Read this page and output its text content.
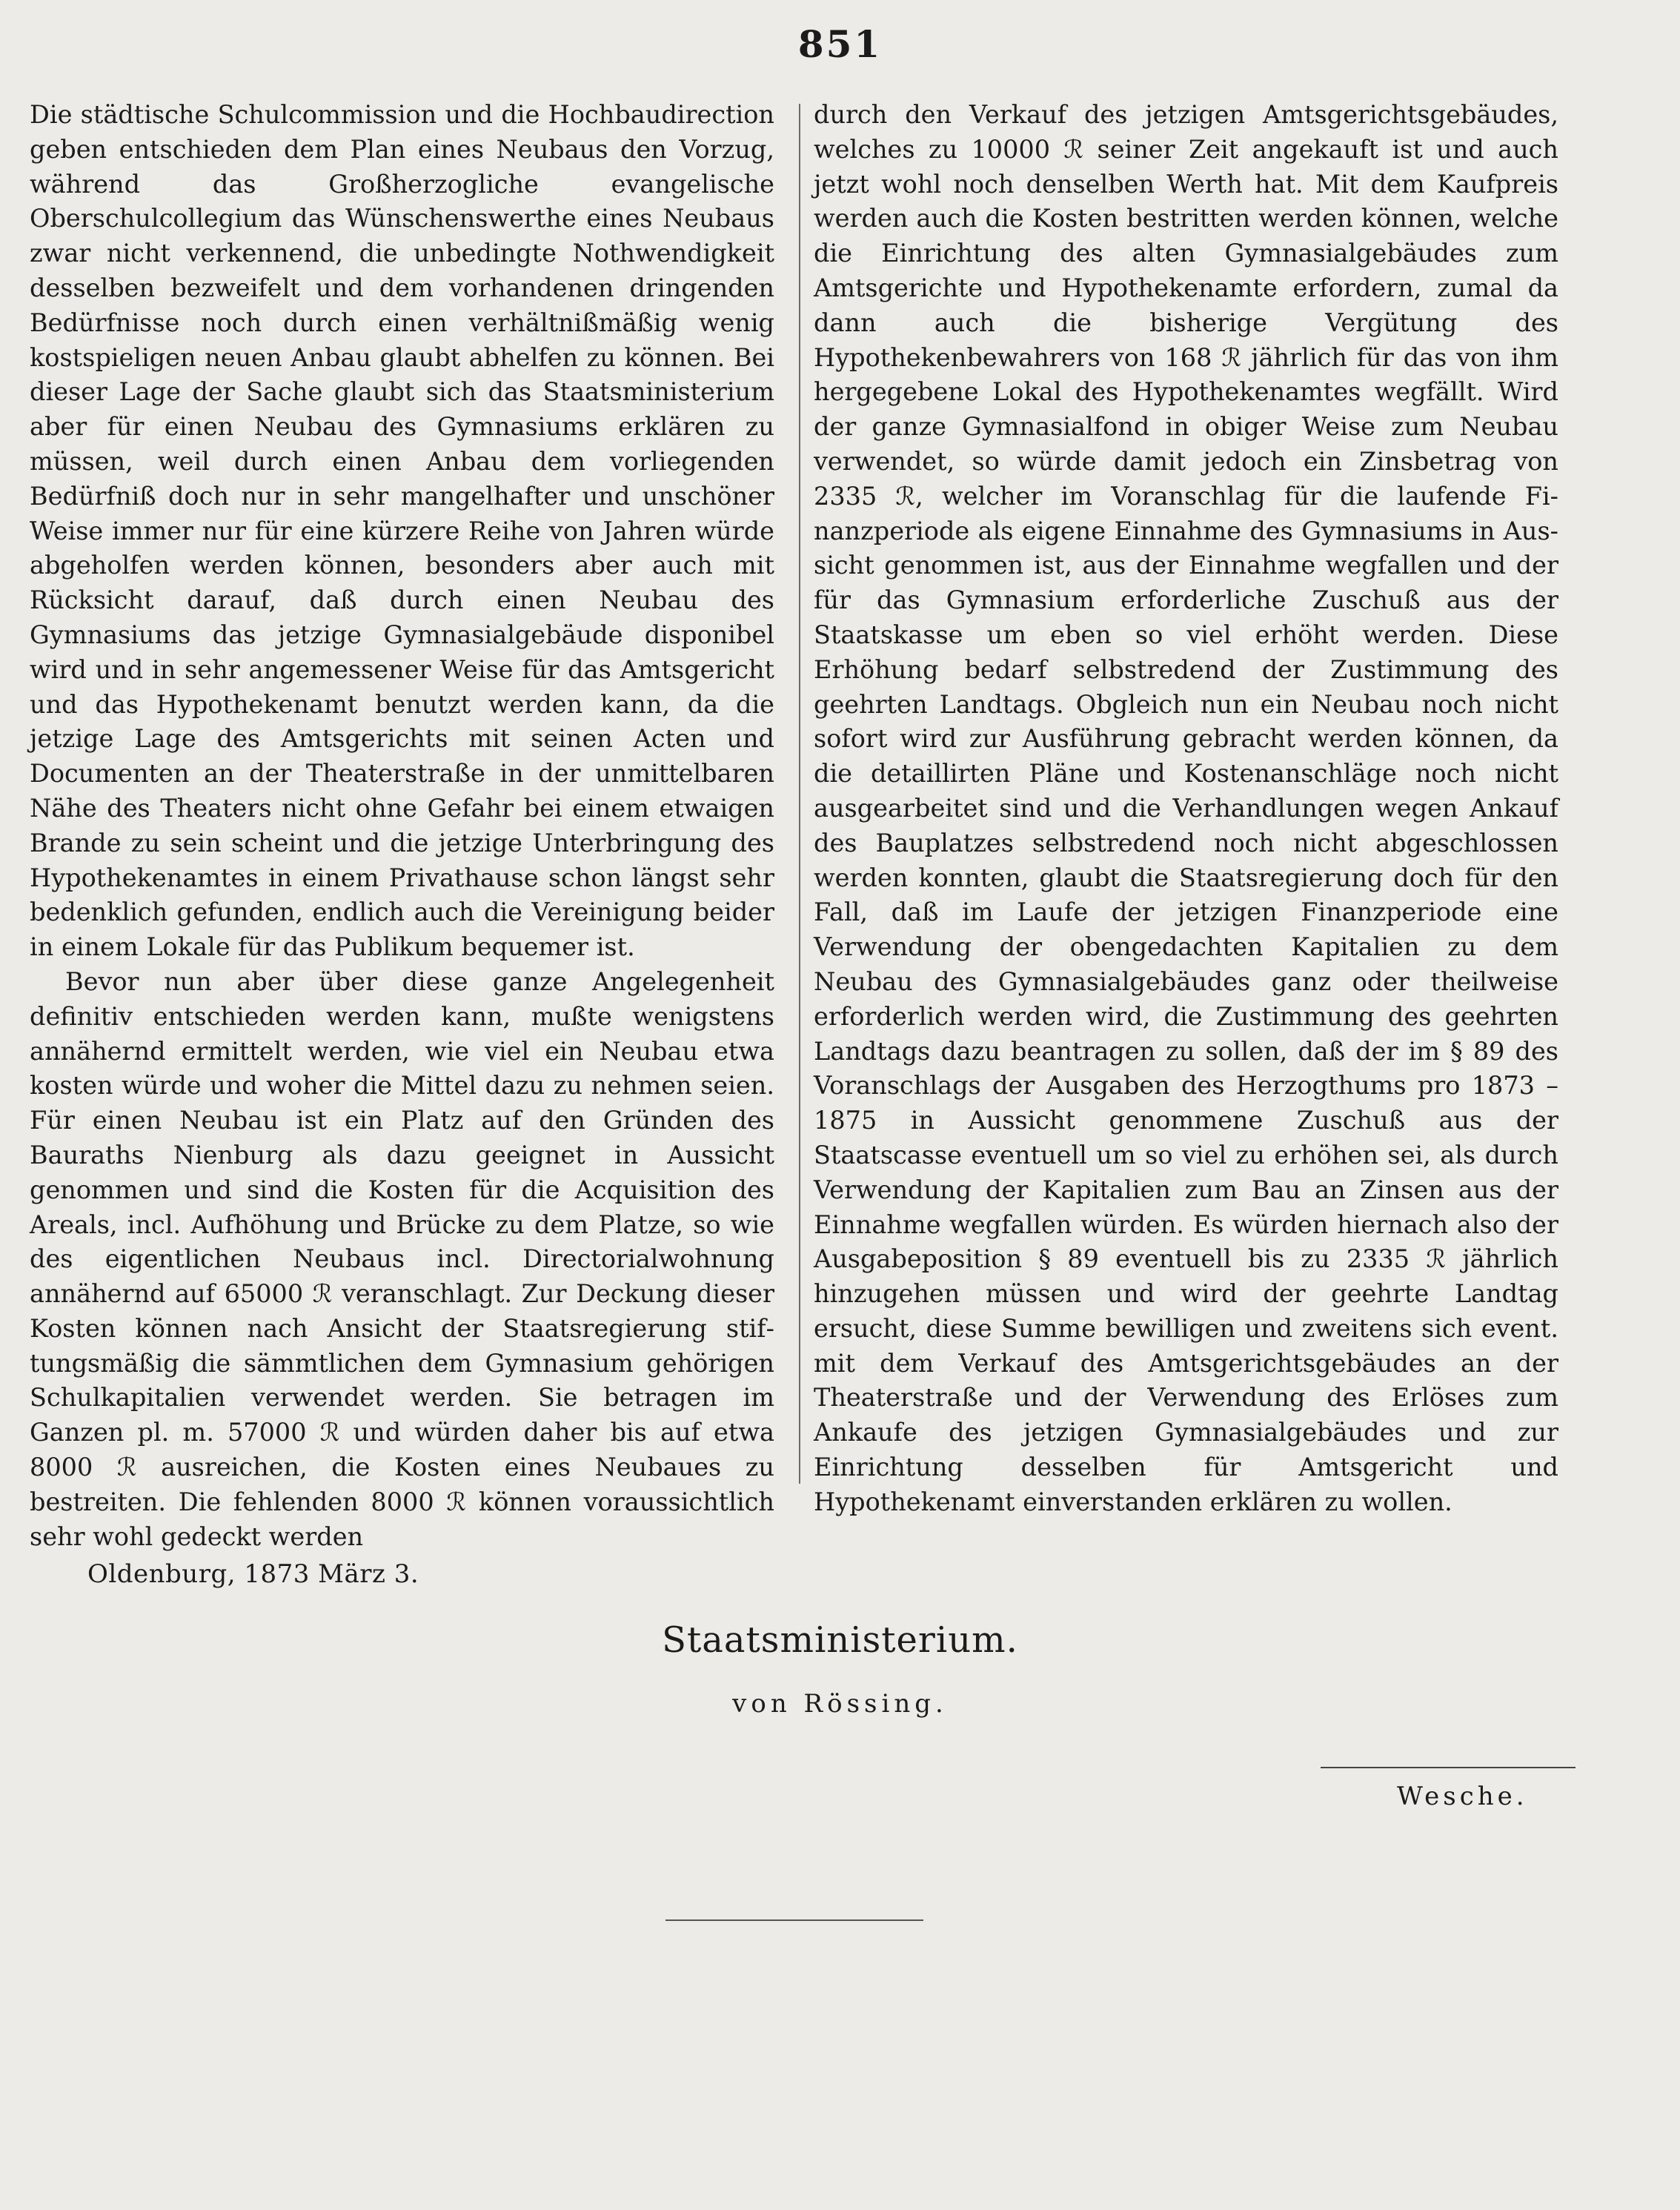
851

Die städtische Schulcommission und die Hochbaudirection geben entschieden dem Plan eines Neubaus den Vorzug, während das Großherzogliche evangelische Oberschulcollegium das Wünschenswerthe eines Neubaus zwar nicht verkennend, die unbedingte Nothwendigkeit desselben bezweifelt und dem vorhandenen dringenden Bedürfnisse noch durch einen verhältnißmäßig wenig kostspieligen neuen Anbau glaubt abhelfen zu können. Bei dieser Lage der Sache glaubt sich das Staatsministerium aber für einen Neubau des Gymnasiums erklären zu müssen, weil durch einen Anbau dem vorliegenden Bedürfniß doch nur in sehr mangelhafter und unschöner Weise immer nur für eine kürzere Reihe von Jahren würde abgeholfen werden können, besonders aber auch mit Rücksicht darauf, daß durch einen Neubau des Gymnasiums das jetzige Gymnasialgebäude disponibel wird und in sehr angemessener Weise für das Amtsgericht und das Hypothekenamt benutzt werden kann, da die jetzige Lage des Amtsgerichts mit seinen Acten und Documenten an der Theaterstraße in der unmittelbaren Nähe des Theaters nicht ohne Gefahr bei einem etwaigen Brande zu sein scheint und die jetzige Unterbringung des Hypothekenamtes in einem Privathause schon längst sehr bedenklich gefunden, endlich auch die Vereinigung beider in einem Lokale für das Publikum bequemer ist.

Bevor nun aber über diese ganze Angelegenheit definitiv entschieden werden kann, mußte wenigstens annähernd ermittelt werden, wie viel ein Neubau etwa kosten würde und woher die Mittel dazu zu nehmen seien. Für einen Neubau ist ein Platz auf den Gründen des Bauraths Nienburg als dazu geeignet in Aussicht genommen und sind die Kosten für die Acquisition des Areals, incl. Aufhöhung und Brücke zu dem Platze, so wie des eigentlichen Neubaus incl. Directorialwohnung annähernd auf 65000 ℛ veranschlagt. Zur Deckung dieser Kosten können nach Ansicht der Staatsregierung stiftungsmäßig die sämmtlichen dem Gymnasium gehörigen Schulkapitalien verwendet werden. Sie betragen im Ganzen pl. m. 57000 ℛ und würden daher bis auf etwa 8000 ℛ ausreichen, die Kosten eines Neubaues zu bestreiten. Die fehlenden 8000 ℛ können voraussichtlich sehr wohl gedeckt werden

durch den Verkauf des jetzigen Amtsgerichtsgebäudes, welches zu 10000 ℛ seiner Zeit angekauft ist und auch jetzt wohl noch denselben Werth hat. Mit dem Kaufpreis werden auch die Kosten bestritten werden können, welche die Einrichtung des alten Gymnasialgebäudes zum Amtsgerichte und Hypothekenamte erfordern, zumal da dann auch die bisherige Vergütung des Hypothekenbewahrers von 168 ℛ jährlich für das von ihm hergegebene Lokal des Hypothekenamtes wegfällt. Wird der ganze Gymnasialfond in obiger Weise zum Neubau verwendet, so würde damit jedoch ein Zinsbetrag von 2335 ℛ, welcher im Voranschlag für die laufende Finanzperiode als eigene Einnahme des Gymnasiums in Aussicht genommen ist, aus der Einnahme wegfallen und der für das Gymnasium erforderliche Zuschuß aus der Staatskasse um eben so viel erhöht werden. Diese Erhöhung bedarf selbstredend der Zustimmung des geehrten Landtags. Obgleich nun ein Neubau noch nicht sofort wird zur Ausführung gebracht werden können, da die detaillirten Pläne und Kostenanschläge noch nicht ausgearbeitet sind und die Verhandlungen wegen Ankauf des Bauplatzes selbstredend noch nicht abgeschlossen werden konnten, glaubt die Staatsregierung doch für den Fall, daß im Laufe der jetzigen Finanzperiode eine Verwendung der obengedachten Kapitalien zu dem Neubau des Gymnasialgebäudes ganz oder theilweise erforderlich werden wird, die Zustimmung des geehrten Landtags dazu beantragen zu sollen, daß der im § 89 des Voranschlags der Ausgaben des Herzogthums pro 1873 – 1875 in Aussicht genommene Zuschuß aus der Staatscasse eventuell um so viel zu erhöhen sei, als durch Verwendung der Kapitalien zum Bau an Zinsen aus der Einnahme wegfallen würden. Es würden hiernach also der Ausgabeposition § 89 eventuell bis zu 2335 ℛ jährlich hinzugehen müssen und wird der geehrte Landtag ersucht, diese Summe bewilligen und zweitens sich event. mit dem Verkauf des Amtsgerichtsgebäudes an der Theaterstraße und der Verwendung des Erlöses zum Ankaufe des jetzigen Gymnasialgebäudes und zur Einrichtung desselben für Amtsgericht und Hypothekenamt einverstanden erklären zu wollen.

Oldenburg, 1873 März 3.

Staatsministerium.

von Rössing.

Wesche.
